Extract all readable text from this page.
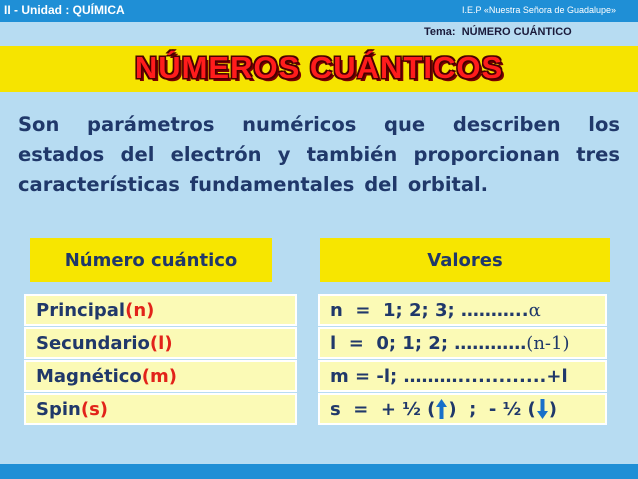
II - Unidad : QUÍMICA	I.E.P «Nuestra Señora de Guadalupe»
Tema:  NÚMERO CUÁNTICO
NÚMEROS CUÁNTICOS
Son parámetros numéricos que describen los estados del electrón y también proporcionan tres características fundamentales del orbital.
Número cuántico	Valores
Principal (n)	n  =  1; 2; 3; ……….. α
Secundario (l)	l  =  0; 1; 2; ………… (n-1)
Magnético (m)	m = -l; ……….............+l
Spin (s)	s  =  + ½ ( )  ;  - ½ ( )
